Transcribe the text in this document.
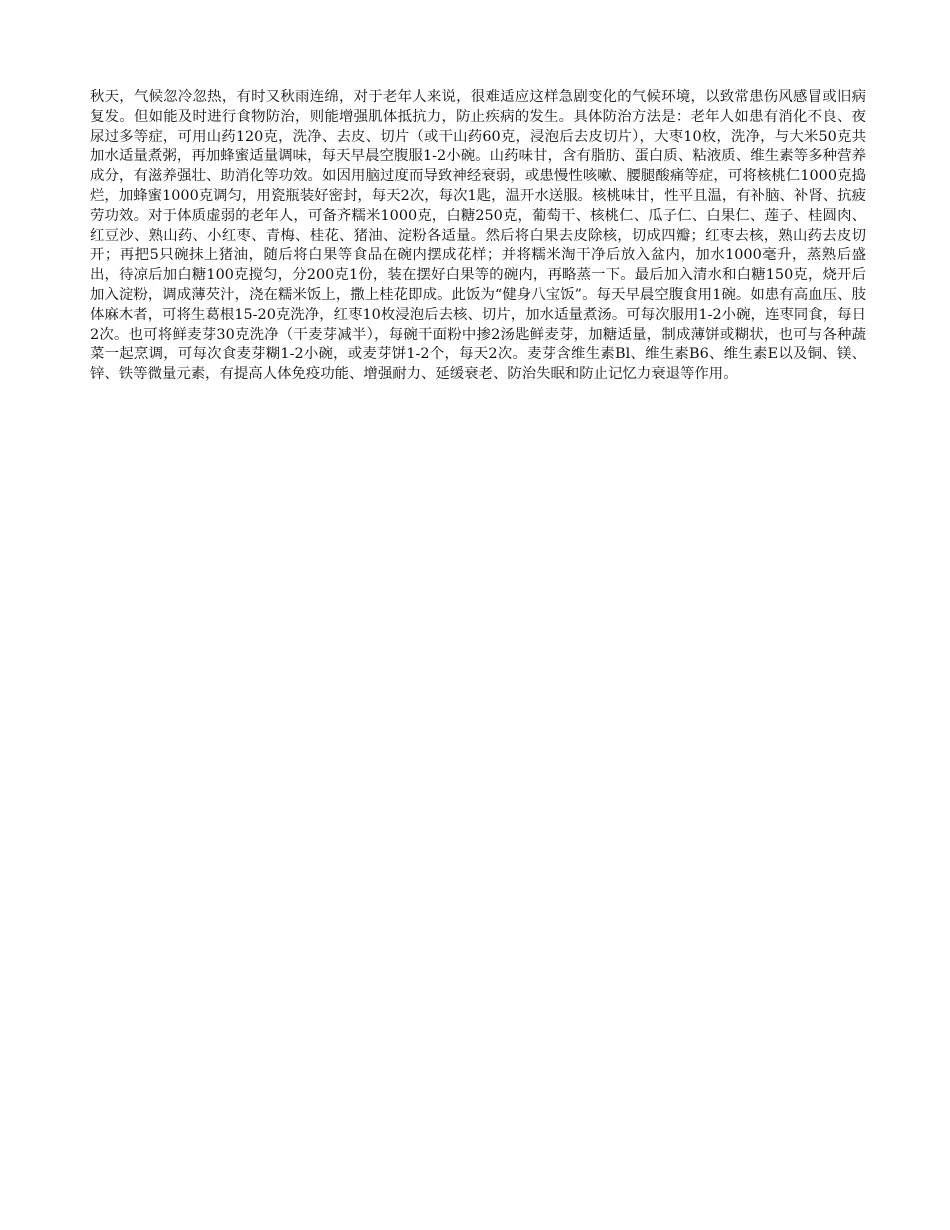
秋天，气候忽冷忽热，有时又秋雨连绵，对于老年人来说，很难适应这样急剧变化的气候环境，以致常患伤风感冒或旧病复发。但如能及时进行食物防治，则能增强肌体抵抗力，防止疾病的发生。具体防治方法是：老年人如患有消化不良、夜尿过多等症，可用山药120克，洗净、去皮、切片（或干山药60克，浸泡后去皮切片），大枣10枚，洗净，与大米50克共加水适量煮粥，再加蜂蜜适量调味，每天早晨空腹服1-2小碗。山药味甘，含有脂肪、蛋白质、粘液质、维生素等多种营养成分，有滋养强壮、助消化等功效。如因用脑过度而导致神经衰弱，或患慢性咳嗽、腰腿酸痛等症，可将核桃仁1000克捣烂，加蜂蜜1000克调匀，用瓷瓶装好密封，每天2次，每次1匙，温开水送服。核桃味甘，性平且温，有补脑、补肾、抗疲劳功效。对于体质虚弱的老年人，可备齐糯米1000克，白糖250克，葡萄干、核桃仁、瓜子仁、白果仁、莲子、桂圆肉、红豆沙、熟山药、小红枣、青梅、桂花、猪油、淀粉各适量。然后将白果去皮除核，切成四瓣；红枣去核，熟山药去皮切开；再把5只碗抹上猪油，随后将白果等食品在碗内摆成花样；并将糯米淘干净后放入盆内，加水1000毫升，蒸熟后盛出，待凉后加白糖100克搅匀，分200克1份，装在摆好白果等的碗内，再略蒸一下。最后加入清水和白糖150克，烧开后加入淀粉，调成薄芡汁，浇在糯米饭上，撒上桂花即成。此饭为“健身八宝饭”。每天早晨空腹食用1碗。如患有高血压、肢体麻木者，可将生葛根15-20克洗净，红枣10枚浸泡后去核、切片，加水适量煮汤。可每次服用1-2小碗，连枣同食，每日2次。也可将鲜麦芽30克洗净（干麦芽减半），每碗干面粉中掺2汤匙鲜麦芽，加糖适量，制成薄饼或糊状，也可与各种蔬菜一起烹调，可每次食麦芽糊1-2小碗，或麦芽饼1-2个，每天2次。麦芽含维生素Bl、维生素B6、维生素E以及铜、镁、锌、铁等微量元素，有提高人体免疫功能、增强耐力、延缓衰老、防治失眠和防止记忆力衰退等作用。
